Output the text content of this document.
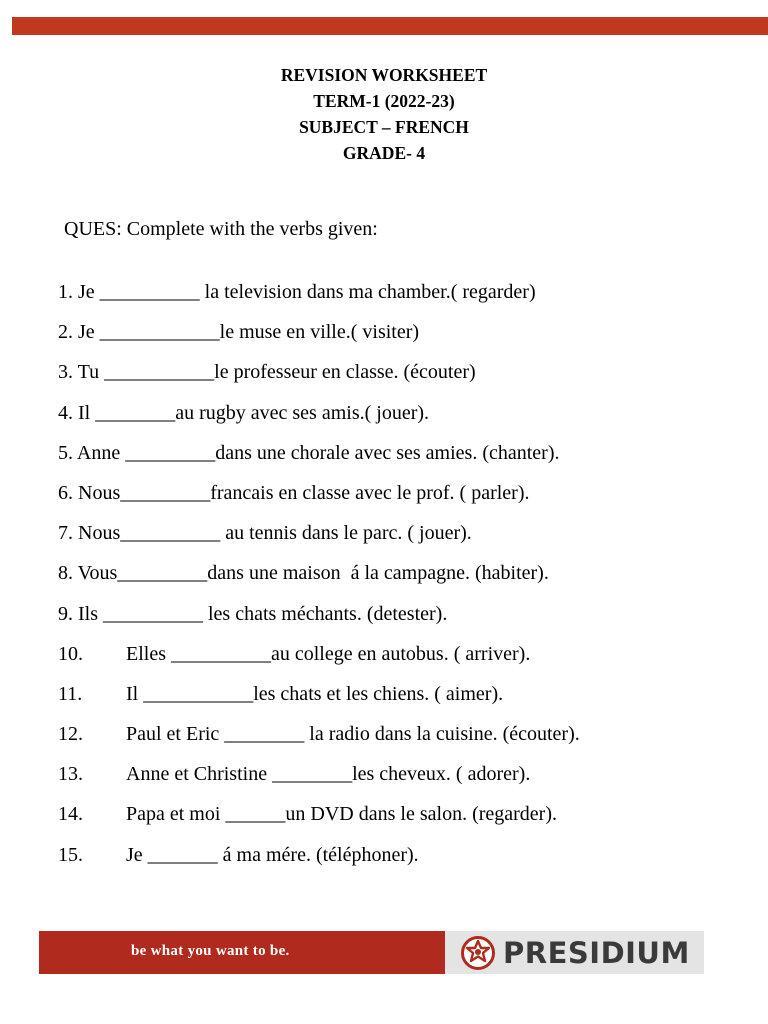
REVISION WORKSHEET
TERM-1 (2022-23)
SUBJECT – FRENCH
GRADE- 4
QUES: Complete with the verbs given:
1. Je __________ la television dans ma chamber.( regarder)
2. Je ____________le muse en ville.( visiter)
3. Tu ___________le professeur en classe. (écouter)
4. Il ________au rugby avec ses amis.( jouer).
5. Anne _________dans une chorale avec ses amies. (chanter).
6. Nous_________francais en classe avec le prof. ( parler).
7. Nous__________ au tennis dans le parc. ( jouer).
8. Vous_________dans une maison  á la campagne. (habiter).
9. Ils __________ les chats méchants. (detester).
10. Elles __________au college en autobus. ( arriver).
11. Il ___________les chats et les chiens. ( aimer).
12. Paul et Eric ________ la radio dans la cuisine. (écouter).
13. Anne et Christine ________les cheveux. ( adorer).
14. Papa et moi ______un DVD dans le salon. (regarder).
15. Je _______ á ma mére. (téléphoner).
be what you want to be.	PRESIDIUM
